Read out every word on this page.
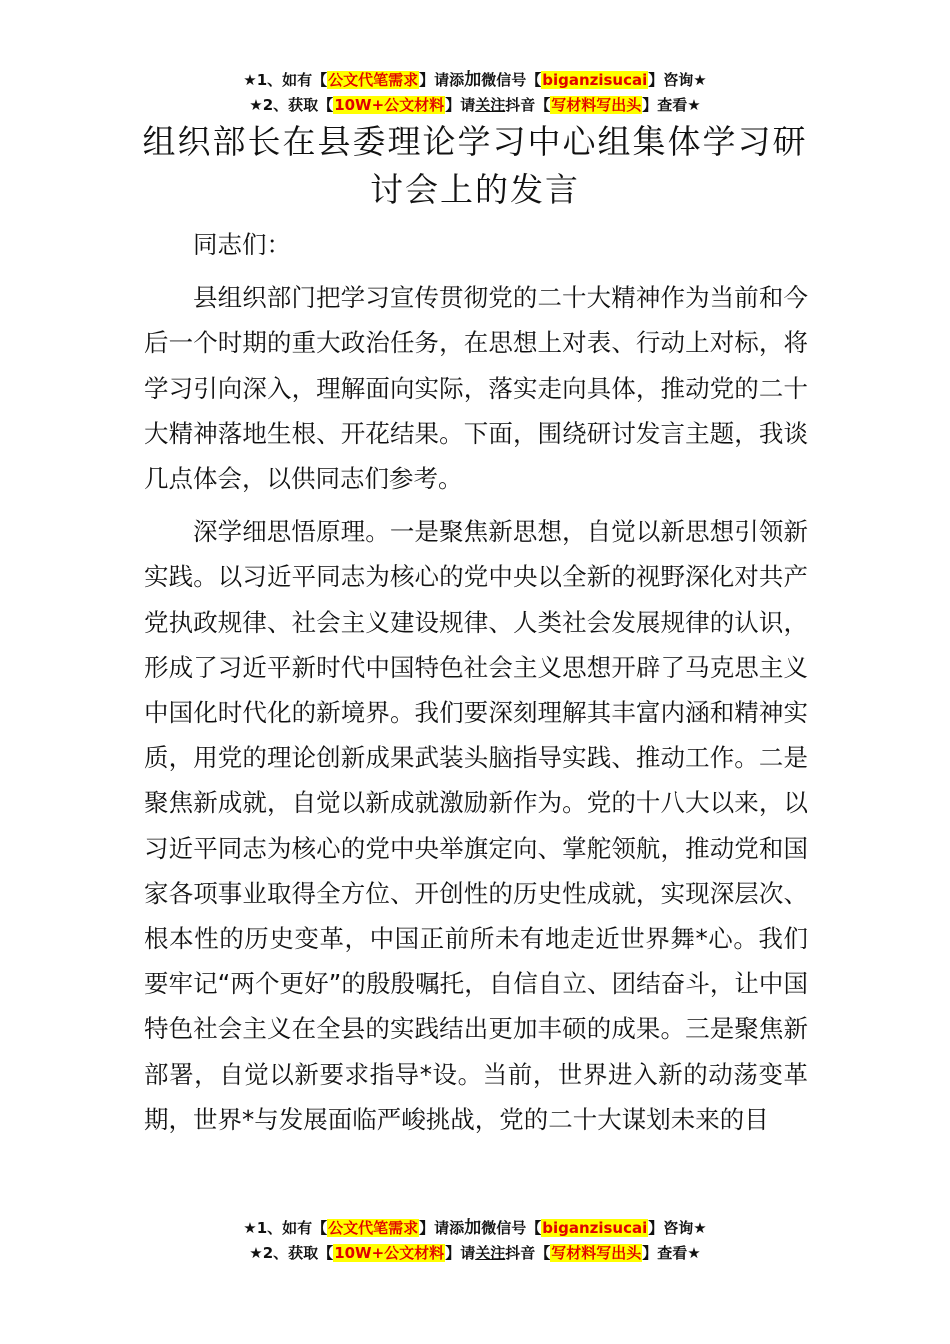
★1、如有【公文代笔需求】请添加微信号【biganzisucai】咨询★
★2、获取【10W+公文材料】请关注抖音【写材料写出头】查看★
组织部长在县委理论学习中心组集体学习研讨会上的发言

同志们：

县组织部门把学习宣传贯彻党的二十大精神作为当前和今后一个时期的重大政治任务，在思想上对表、行动上对标，将学习引向深入，理解面向实际，落实走向具体，推动党的二十大精神落地生根、开花结果。下面，围绕研讨发言主题，我谈几点体会，以供同志们参考。

深学细思悟原理。一是聚焦新思想，自觉以新思想引领新实践。以习近平同志为核心的党中央以全新的视野深化对共产党执政规律、社会主义建设规律、人类社会发展规律的认识，形成了习近平新时代中国特色社会主义思想开辟了马克思主义中国化时代化的新境界。我们要深刻理解其丰富内涵和精神实质，用党的理论创新成果武装头脑指导实践、推动工作。二是聚焦新成就，自觉以新成就激励新作为。党的十八大以来，以习近平同志为核心的党中央举旗定向、掌舵领航，推动党和国家各项事业取得全方位、开创性的历史性成就，实现深层次、根本性的历史变革，中国正前所未有地走近世界舞*心。我们要牢记“两个更好”的殷殷嘱托，自信自立、团结奋斗，让中国特色社会主义在全县的实践结出更加丰硕的成果。三是聚焦新部署，自觉以新要求指导*设。当前，世界进入新的动荡变革期，世界*与发展面临严峻挑战，党的二十大谋划未来的目

★1、如有【公文代笔需求】请添加微信号【biganzisucai】咨询★
★2、获取【10W+公文材料】请关注抖音【写材料写出头】查看★
